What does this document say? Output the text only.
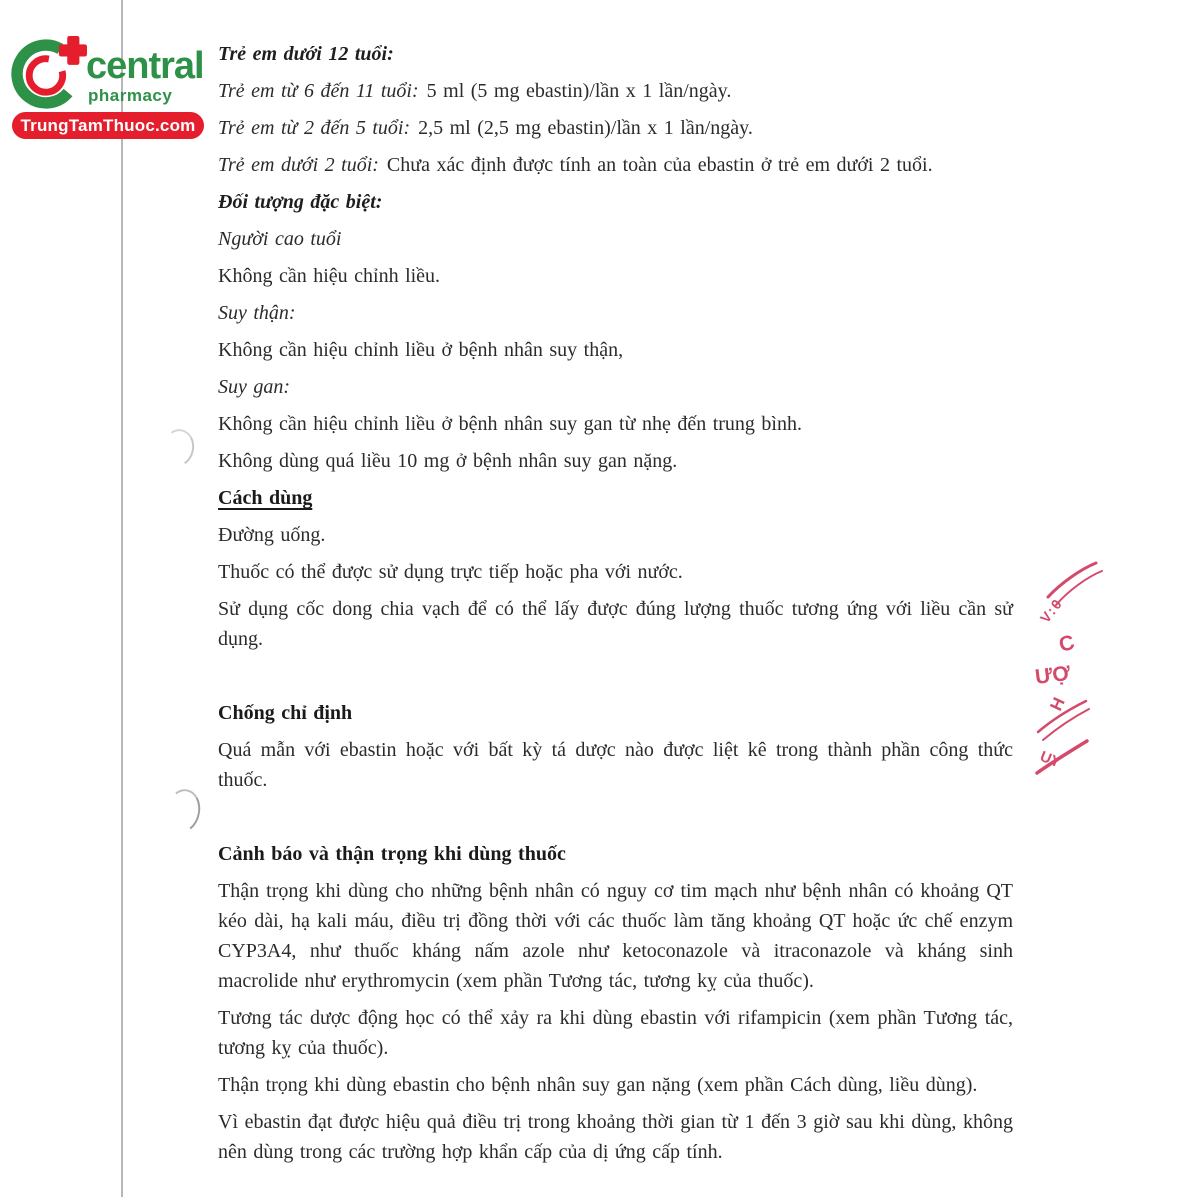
central
pharmacy
TrungTamThuoc.com

Trẻ em dưới 12 tuổi:

Trẻ em từ 6 đến 11 tuổi: 5 ml (5 mg ebastin)/lần x 1 lần/ngày.

Trẻ em từ 2 đến 5 tuổi: 2,5 ml (2,5 mg ebastin)/lần x 1 lần/ngày.

Trẻ em dưới 2 tuổi: Chưa xác định được tính an toàn của ebastin ở trẻ em dưới 2 tuổi.

Đối tượng đặc biệt:

Người cao tuổi

Không cần hiệu chỉnh liều.

Suy thận:

Không cần hiệu chỉnh liều ở bệnh nhân suy thận,

Suy gan:

Không cần hiệu chỉnh liều ở bệnh nhân suy gan từ nhẹ đến trung bình.

Không dùng quá liều 10 mg ở bệnh nhân suy gan nặng.

Cách dùng

Đường uống.

Thuốc có thể được sử dụng trực tiếp hoặc pha với nước.

Sử dụng cốc dong chia vạch để có thể lấy được đúng lượng thuốc tương ứng với liều cần sử dụng.

Chống chỉ định

Quá mẫn với ebastin hoặc với bất kỳ tá dược nào được liệt kê trong thành phần công thức thuốc.

Cảnh báo và thận trọng khi dùng thuốc

Thận trọng khi dùng cho những bệnh nhân có nguy cơ tim mạch như bệnh nhân có khoảng QT kéo dài, hạ kali máu, điều trị đồng thời với các thuốc làm tăng khoảng QT hoặc ức chế enzym CYP3A4, như thuốc kháng nấm azole như ketoconazole và itraconazole và kháng sinh macrolide như erythromycin (xem phần Tương tác, tương kỵ của thuốc).

Tương tác dược động học có thể xảy ra khi dùng ebastin với rifampicin (xem phần Tương tác, tương kỵ của thuốc).

Thận trọng khi dùng ebastin cho bệnh nhân suy gan nặng (xem phần Cách dùng, liều dùng).

Vì ebastin đạt được hiệu quả điều trị trong khoảng thời gian từ 1 đến 3 giờ sau khi dùng, không nên dùng trong các trường hợp khẩn cấp của dị ứng cấp tính.

V:0
C
ƯỢ
H
UY
